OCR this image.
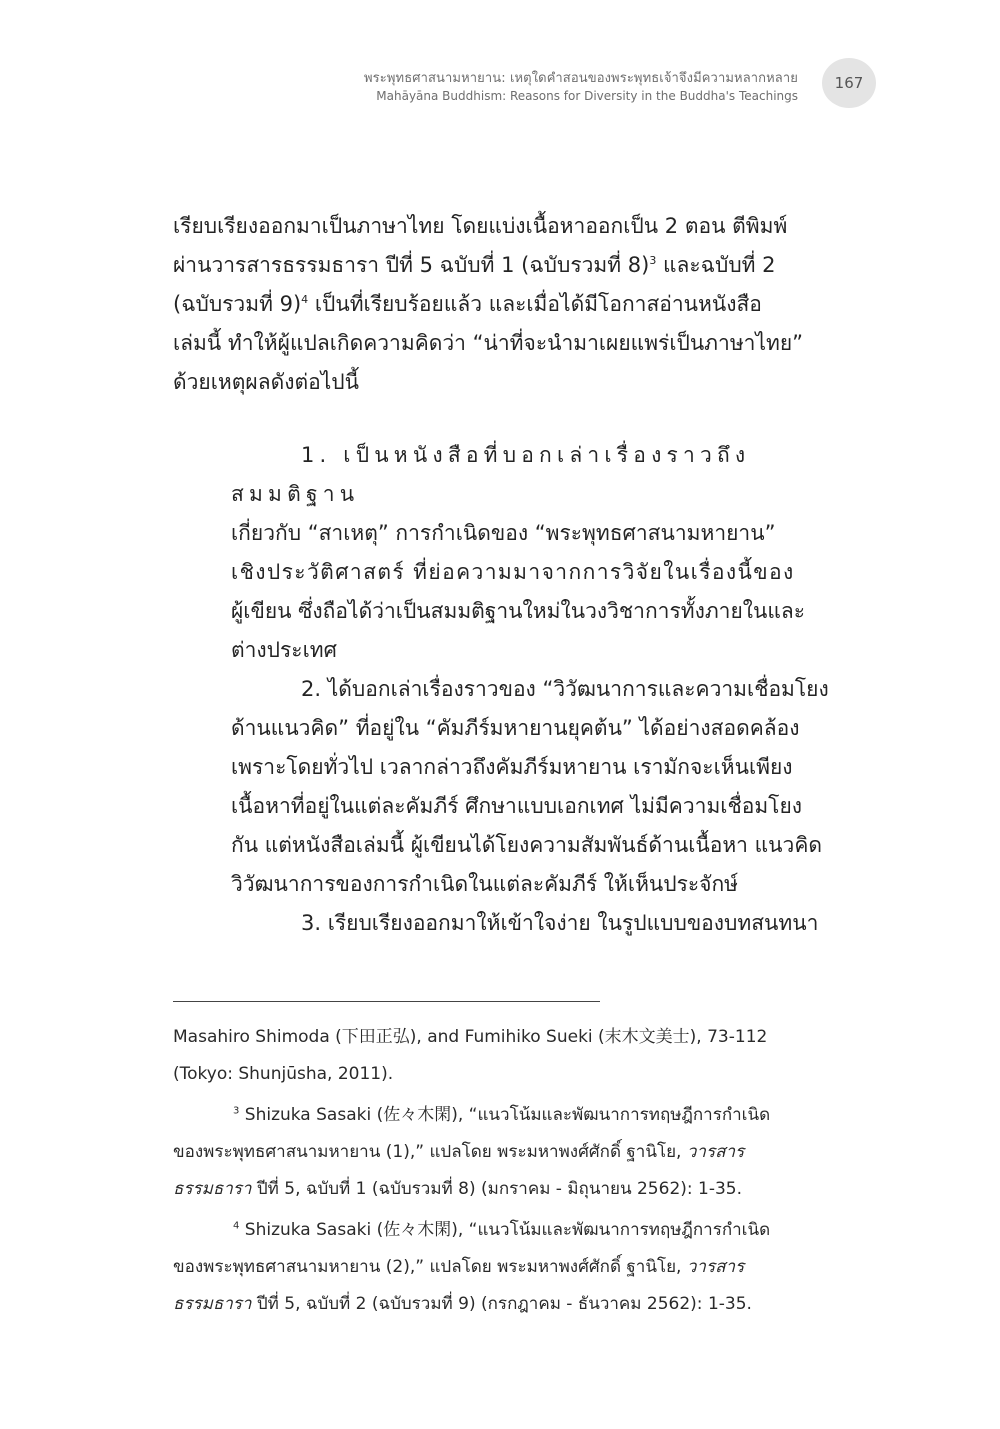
พระพุทธศาสนามหายาน: เหตุใดคำสอนของพระพุทธเจ้าจึงมีความหลากหลาย
Mahāyāna Buddhism: Reasons for Diversity in the Buddha's Teachings
167

เรียบเรียงออกมาเป็นภาษาไทย โดยแบ่งเนื้อหาออกเป็น 2 ตอน ตีพิมพ์
ผ่านวารสารธรรมธารา ปีที่ 5 ฉบับที่ 1 (ฉบับรวมที่ 8)$^3$ และฉบับที่ 2
(ฉบับรวมที่ 9)$^4$ เป็นที่เรียบร้อยแล้ว และเมื่อได้มีโอกาสอ่านหนังสือ
เล่มนี้ ทำให้ผู้แปลเกิดความคิดว่า “น่าที่จะนำมาเผยแพร่เป็นภาษาไทย”
ด้วยเหตุผลดังต่อไปนี้

1. เป็นหนังสือที่บอกเล่าเรื่องราวถึงสมมติฐาน

เกี่ยวกับ “สาเหตุ” การกำเนิดของ “พระพุทธศาสนามหายาน”

เชิงประวัติศาสตร์ ที่ย่อความมาจากการวิจัยในเรื่องนี้ของ

ผู้เขียน ซึ่งถือได้ว่าเป็นสมมติฐานใหม่ในวงวิชาการทั้งภายในและ

ต่างประเทศ

2. ได้บอกเล่าเรื่องราวของ “วิวัฒนาการและความเชื่อมโยง

ด้านแนวคิด” ที่อยู่ใน “คัมภีร์มหายานยุคต้น” ได้อย่างสอดคล้อง

เพราะโดยทั่วไป เวลากล่าวถึงคัมภีร์มหายาน เรามักจะเห็นเพียง

เนื้อหาที่อยู่ในแต่ละคัมภีร์ ศึกษาแบบเอกเทศ ไม่มีความเชื่อมโยง

กัน แต่หนังสือเล่มนี้ ผู้เขียนได้โยงความสัมพันธ์ด้านเนื้อหา แนวคิด

วิวัฒนาการของการกำเนิดในแต่ละคัมภีร์ ให้เห็นประจักษ์

3. เรียบเรียงออกมาให้เข้าใจง่าย ในรูปแบบของบทสนทนา

Masahiro Shimoda (下田正弘), and Fumihiko Sueki (末木文美士), 73-112
(Tokyo: Shunjūsha, 2011).

$^3$ Shizuka Sasaki (佐々木閑), “แนวโน้มและพัฒนาการทฤษฎีการกำเนิด
ของพระพุทธศาสนามหายาน (1),” แปลโดย พระมหาพงศ์ศักดิ์ ฐานิโย, วารสาร
ธรรมธารา ปีที่ 5, ฉบับที่ 1 (ฉบับรวมที่ 8) (มกราคม - มิถุนายน 2562): 1-35.

$^4$ Shizuka Sasaki (佐々木閑), “แนวโน้มและพัฒนาการทฤษฎีการกำเนิด
ของพระพุทธศาสนามหายาน (2),” แปลโดย พระมหาพงศ์ศักดิ์ ฐานิโย, วารสาร
ธรรมธารา ปีที่ 5, ฉบับที่ 2 (ฉบับรวมที่ 9) (กรกฎาคม - ธันวาคม 2562): 1-35.
